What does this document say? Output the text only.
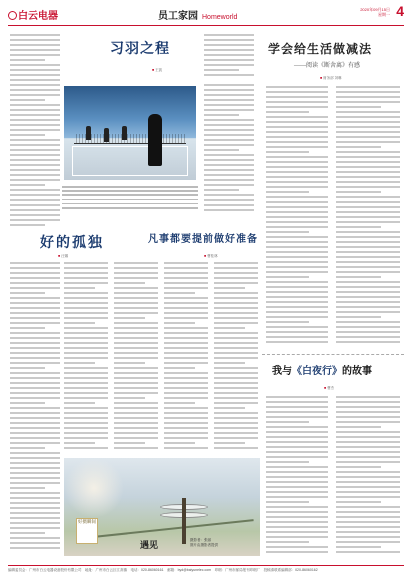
白云电器	员工家园 Homeworld
2020年09月15日
星期一 4
习羽之程
■ 王凯
学会给生活做减法
——阅读《断舍离》有感
■ 财务部 刘琳
好的孤独
■ 汪娜
凡事都要提前做好准备
■ 曹桂林
我与《白夜行》的故事
■ 曹杰
好摄瞬间
遇见
摄影者：张丽
图片由摄影者提供
编辑委员会：广州市白云电器设备股份有限公司　地址：广州市白云区江高镇　电话：020-86060161　邮箱：byd@baiyunelec.com　印刷：广州市邮局报刊印刷厂　投稿请联系编辑部：020-86060162
